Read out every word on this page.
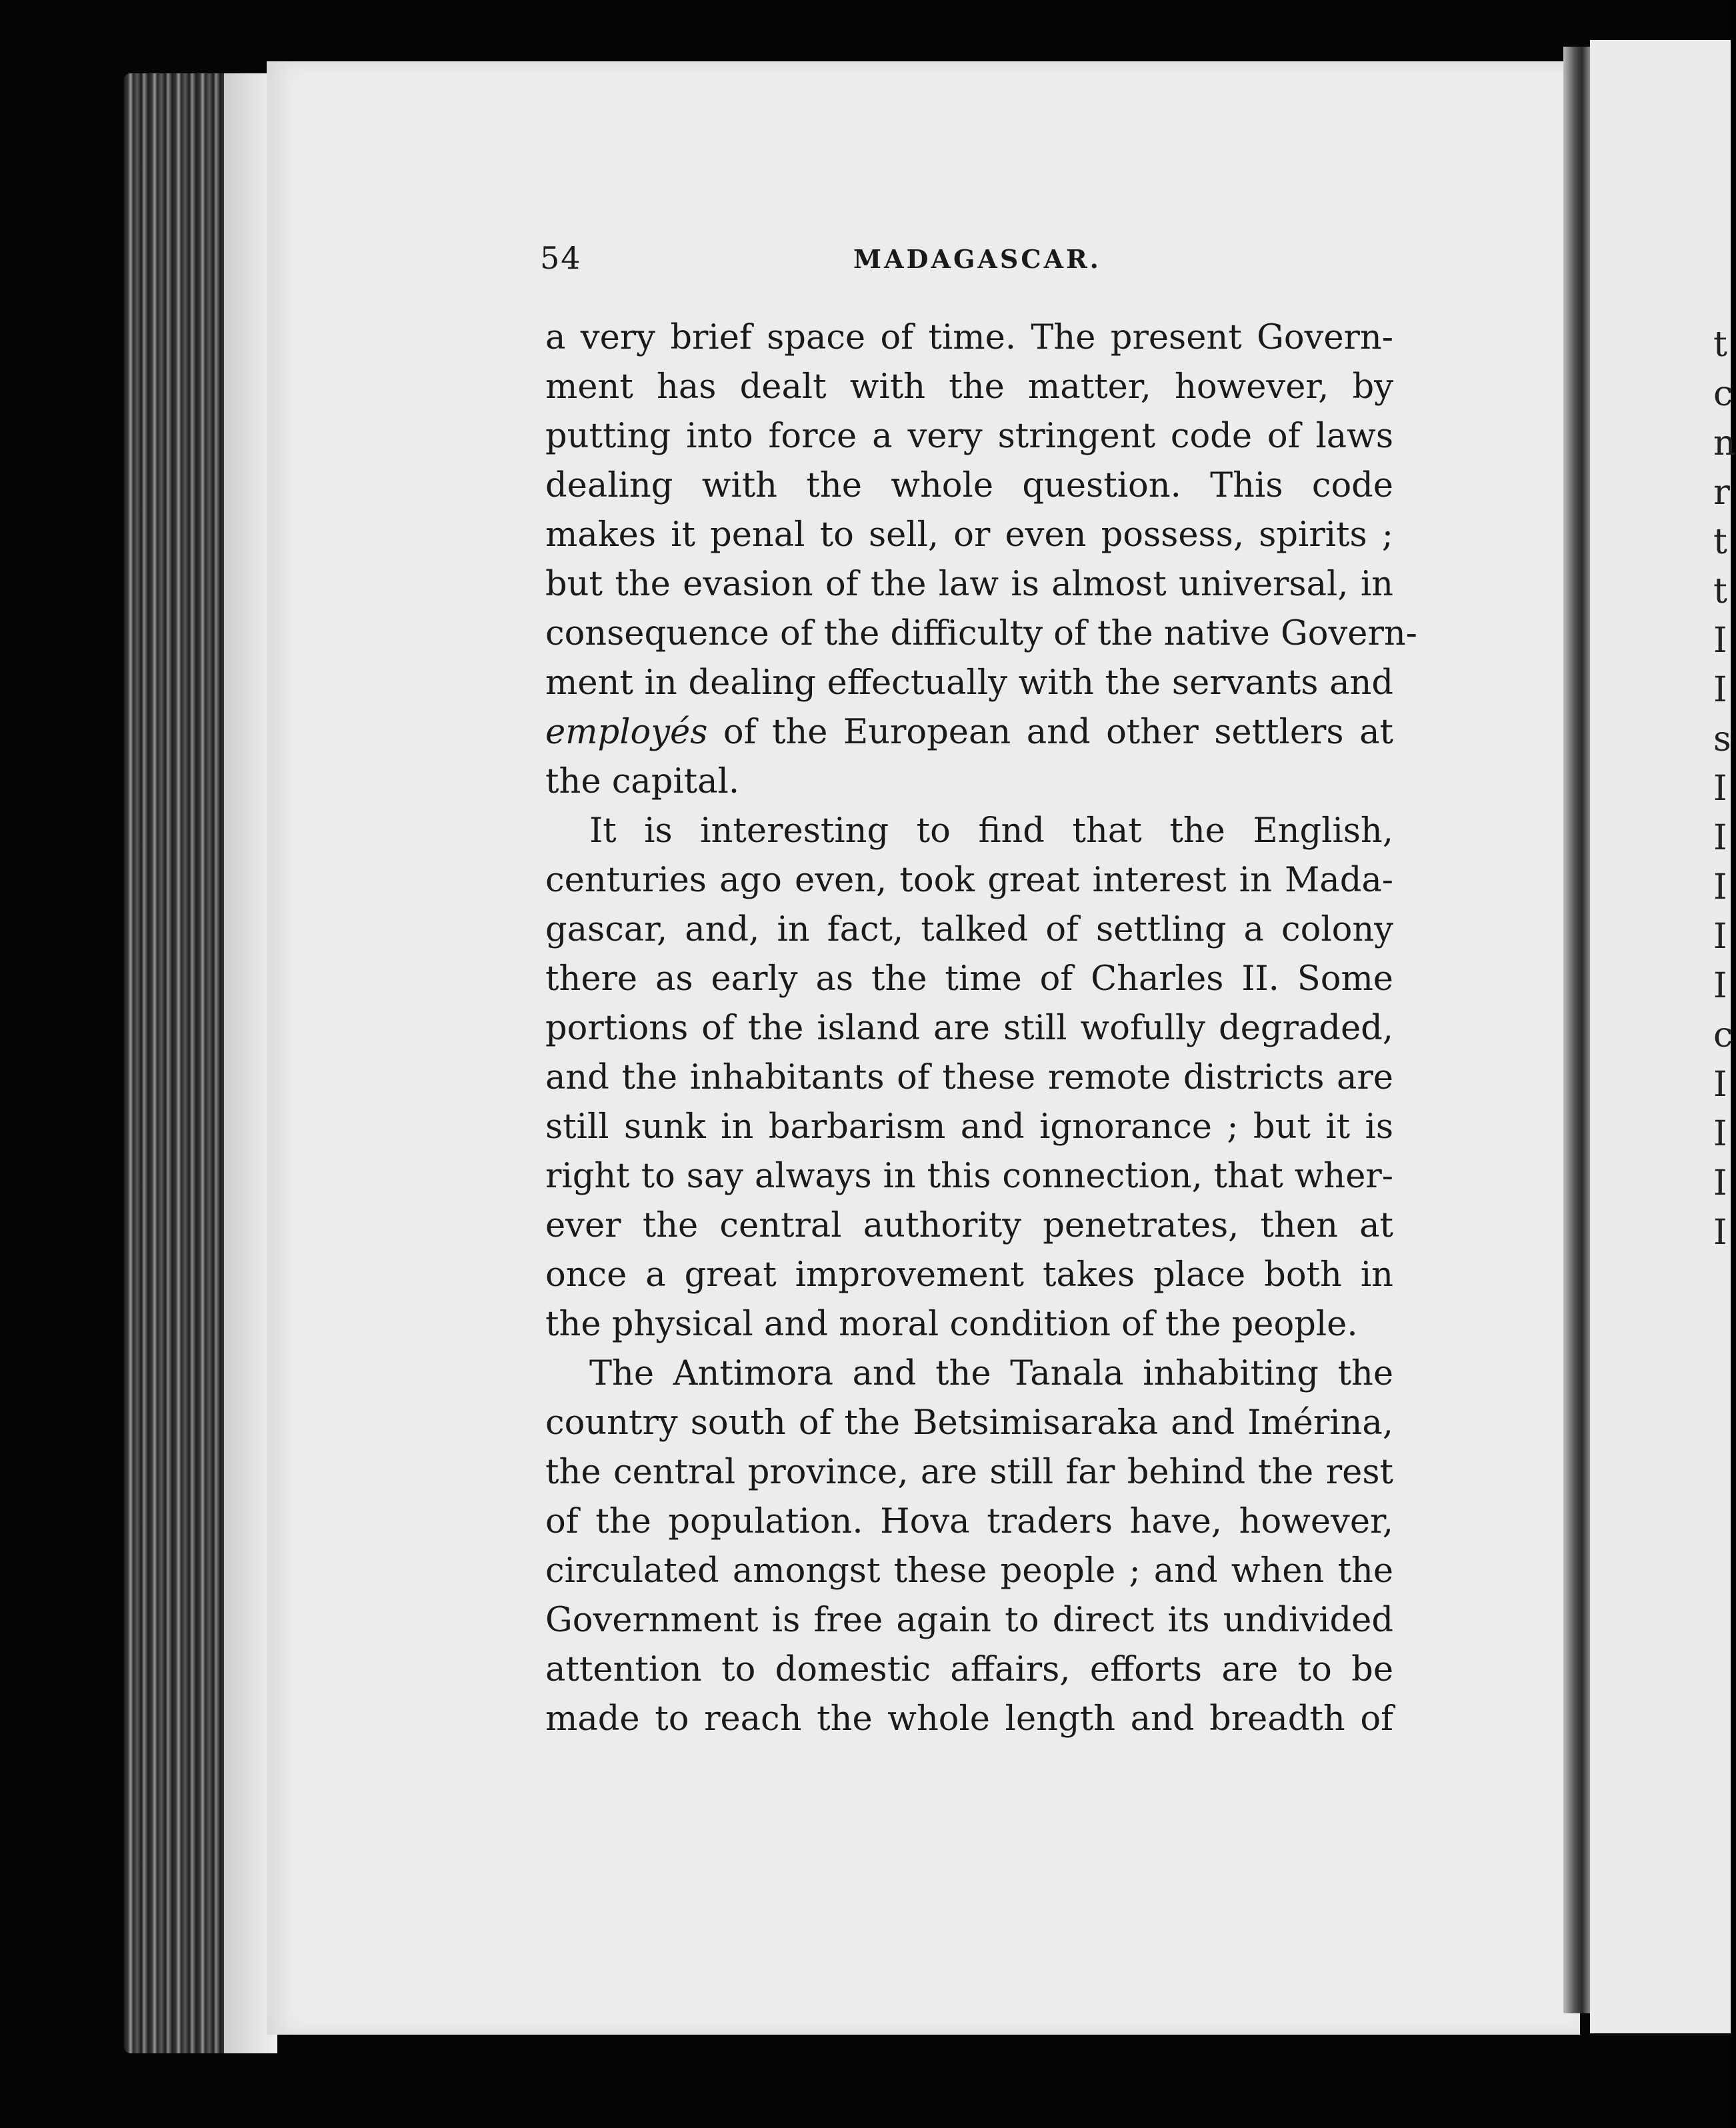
t
c
n
r
t
t
I
I
s
I
I
I
I
I
c
I
I
I
I
54	MADAGASCAR.
a very brief space of time. The present Govern-
ment has dealt with the matter, however, by
putting into force a very stringent code of laws
dealing with the whole question. This code
makes it penal to sell, or even possess, spirits ;
but the evasion of the law is almost universal, in
consequence of the difficulty of the native Govern-
ment in dealing effectually with the servants and
employés of the European and other settlers at
the capital.
It is interesting to find that the English,
centuries ago even, took great interest in Mada-
gascar, and, in fact, talked of settling a colony
there as early as the time of Charles II. Some
portions of the island are still wofully degraded,
and the inhabitants of these remote districts are
still sunk in barbarism and ignorance ; but it is
right to say always in this connection, that wher-
ever the central authority penetrates, then at
once a great improvement takes place both in
the physical and moral condition of the people.
The Antimora and the Tanala inhabiting the
country south of the Betsimisaraka and Imérina,
the central province, are still far behind the rest
of the population. Hova traders have, however,
circulated amongst these people ; and when the
Government is free again to direct its undivided
attention to domestic affairs, efforts are to be
made to reach the whole length and breadth of
